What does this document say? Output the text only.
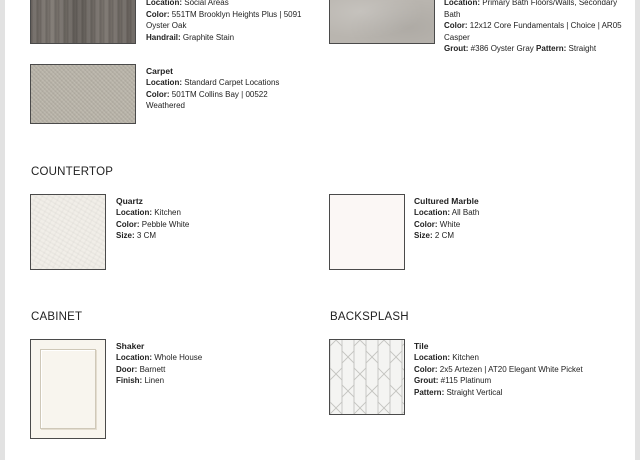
Location: Social Areas
Color: 551TM Brooklyn Heights Plus | 5091 Oyster Oak
Handrail: Graphite Stain
Location: Primary Bath Floors/Walls, Secondary Bath
Color: 12x12 Core Fundamentals | Choice | AR05 Casper
Grout: #386 Oyster Gray Pattern: Straight
Carpet
Location: Standard Carpet Locations
Color: 501TM Collins Bay | 00522 Weathered
COUNTERTOP
Quartz
Location: Kitchen
Color: Pebble White
Size: 3 CM
Cultured Marble
Location: All Bath
Color: White
Size: 2 CM
CABINET
Shaker
Location: Whole House
Door: Barnett
Finish: Linen
BACKSPLASH
Tile
Location: Kitchen
Color: 2x5 Artezen | AT20 Elegant White Picket
Grout: #115 Platinum
Pattern: Straight Vertical
